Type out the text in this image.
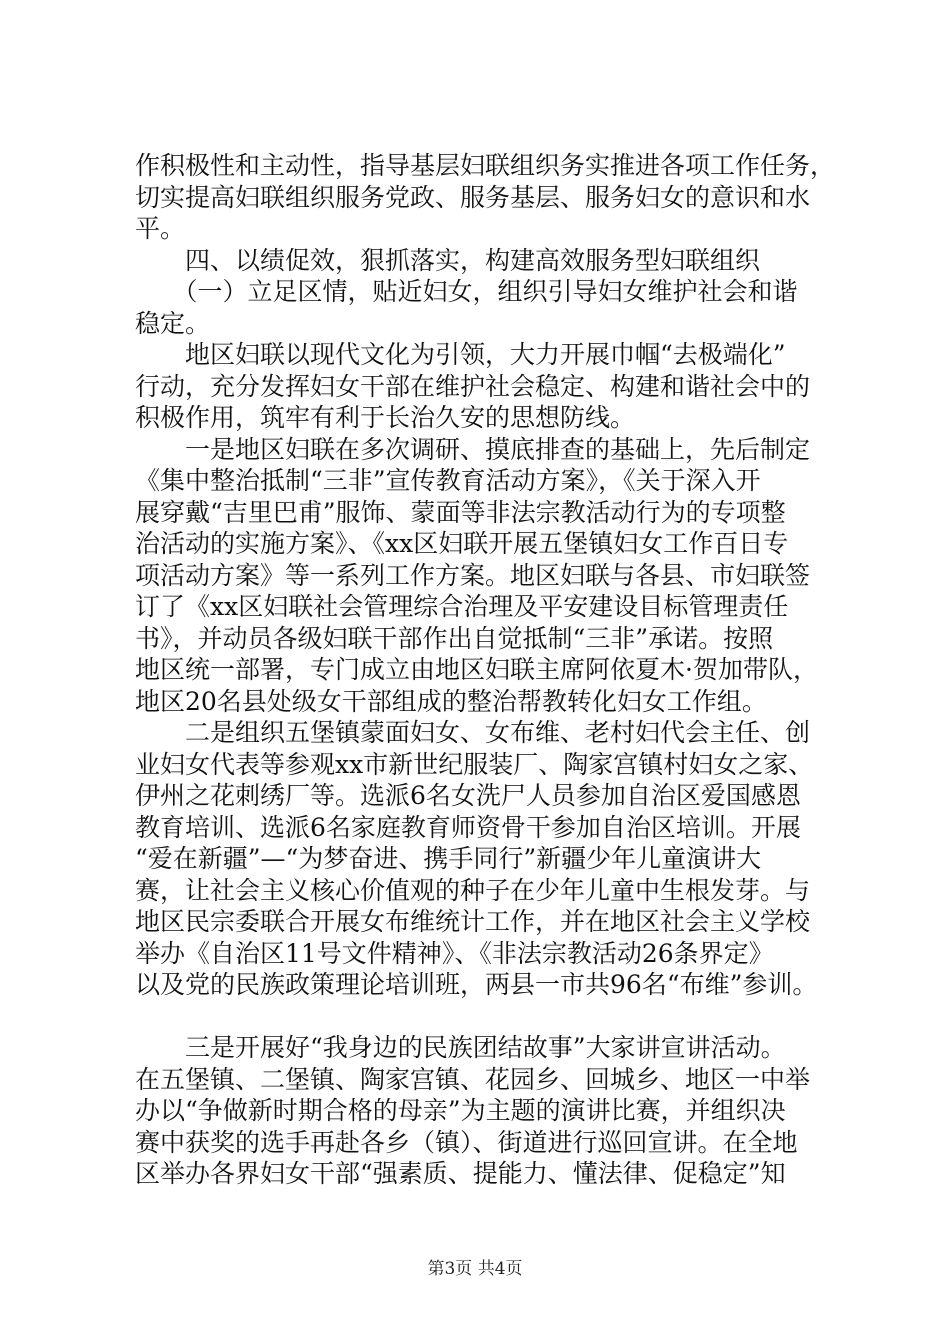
作积极性和主动性，指导基层妇联组织务实推进各项工作任务，
切实提高妇联组织服务党政、服务基层、服务妇女的意识和水
平。
　　四、以绩促效，狠抓落实，构建高效服务型妇联组织
　　（一）立足区情，贴近妇女，组织引导妇女维护社会和谐
稳定。
　　地区妇联以现代文化为引领，大力开展巾帼“去极端化”
行动，充分发挥妇女干部在维护社会稳定、构建和谐社会中的
积极作用，筑牢有利于长治久安的思想防线。
　　一是地区妇联在多次调研、摸底排查的基础上，先后制定
《集中整治抵制“三非”宣传教育活动方案》，《关于深入开
展穿戴“吉里巴甫”服饰、蒙面等非法宗教活动行为的专项整
治活动的实施方案》、《xx区妇联开展五堡镇妇女工作百日专
项活动方案》等一系列工作方案。地区妇联与各县、市妇联签
订了《xx区妇联社会管理综合治理及平安建设目标管理责任
书》，并动员各级妇联干部作出自觉抵制“三非”承诺。按照
地区统一部署，专门成立由地区妇联主席阿依夏木·贺加带队，
地区20名县处级女干部组成的整治帮教转化妇女工作组。
　　二是组织五堡镇蒙面妇女、女布维、老村妇代会主任、创
业妇女代表等参观xx市新世纪服装厂、陶家宫镇村妇女之家、
伊州之花刺绣厂等。选派6名女洗尸人员参加自治区爱国感恩
教育培训、选派6名家庭教育师资骨干参加自治区培训。开展
“爱在新疆”—“为梦奋进、携手同行”新疆少年儿童演讲大
赛，让社会主义核心价值观的种子在少年儿童中生根发芽。与
地区民宗委联合开展女布维统计工作，并在地区社会主义学校
举办《自治区11号文件精神》、《非法宗教活动26条界定》
以及党的民族政策理论培训班，两县一市共96名“布维”参训。
　　三是开展好“我身边的民族团结故事”大家讲宣讲活动。
在五堡镇、二堡镇、陶家宫镇、花园乡、回城乡、地区一中举
办以“争做新时期合格的母亲”为主题的演讲比赛，并组织决
赛中获奖的选手再赴各乡（镇）、街道进行巡回宣讲。在全地
区举办各界妇女干部“强素质、提能力、懂法律、促稳定”知
第3页 共4页
